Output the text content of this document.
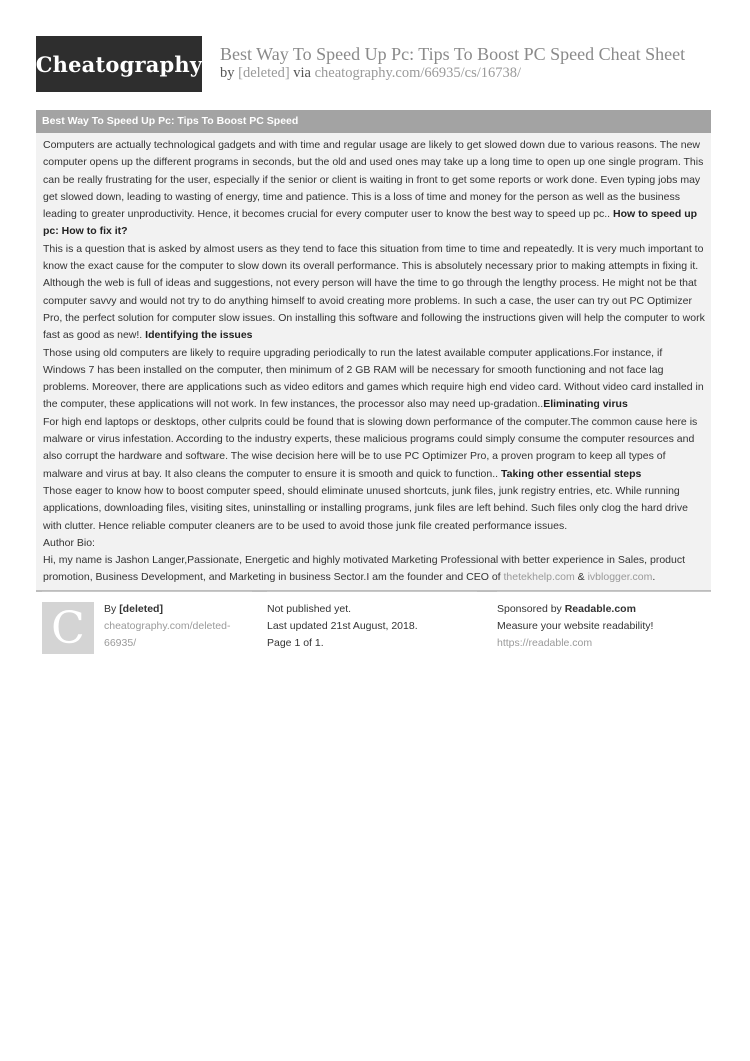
Cheatography Best Way To Speed Up Pc: Tips To Boost PC Speed Cheat Sheet
by [deleted] via cheatography.com/66935/cs/16738/
Best Way To Speed Up Pc: Tips To Boost PC Speed
Computers are actually technological gadgets and with time and regular usage are likely to get slowed down due to various reasons. The new computer opens up the different programs in seconds, but the old and used ones may take up a long time to open up one single program. This can be really frustrating for the user, especially if the senior or client is waiting in front to get some reports or work done. Even typing jobs may get slowed down, leading to wasting of energy, time and patience. This is a loss of time and money for the person as well as the business leading to greater unproductivity. Hence, it becomes crucial for every computer user to know the best way to speed up pc.. How to speed up pc: How to fix it?
This is a question that is asked by almost users as they tend to face this situation from time to time and repeatedly. It is very much important to know the exact cause for the computer to slow down its overall performance. This is absolutely necessary prior to making attempts in fixing it. Although the web is full of ideas and suggestions, not every person will have the time to go through the lengthy process. He might not be that computer savvy and would not try to do anything himself to avoid creating more problems. In such a case, the user can try out PC Optimizer Pro, the perfect solution for computer slow issues. On installing this software and following the instructions given will help the computer to work fast as good as new!. Identifying the issues
Those using old computers are likely to require upgrading periodically to run the latest available computer applications.For instance, if Windows 7 has been installed on the computer, then minimum of 2 GB RAM will be necessary for smooth functioning and not face lag problems. Moreover, there are applications such as video editors and games which require high end video card. Without video card installed in the computer, these applications will not work. In few instances, the processor also may need up-gradation..Eliminating virus
For high end laptops or desktops, other culprits could be found that is slowing down performance of the computer.The common cause here is malware or virus infestation. According to the industry experts, these malicious programs could simply consume the computer resources and also corrupt the hardware and software. The wise decision here will be to use PC Optimizer Pro, a proven program to keep all types of malware and virus at bay. It also cleans the computer to ensure it is smooth and quick to function.. Taking other essential steps
Those eager to know how to boost computer speed, should eliminate unused shortcuts, junk files, junk registry entries, etc. While running applications, downloading files, visiting sites, uninstalling or installing programs, junk files are left behind. Such files only clog the hard drive with clutter. Hence reliable computer cleaners are to be used to avoid those junk file created performance issues.
Author Bio:
Hi, my name is Jashon Langer,Passionate, Energetic and highly motivated Marketing Professional with better experience in Sales, product promotion, Business Development, and Marketing in business Sector.I am the founder and CEO of thetekhelp.com & ivblogger.com.
C	By [deleted]
cheatography.com/deleted-66935/
Not published yet.
Last updated 21st August, 2018.
Page 1 of 1.
Sponsored by Readable.com
Measure your website readability!
https://readable.com
